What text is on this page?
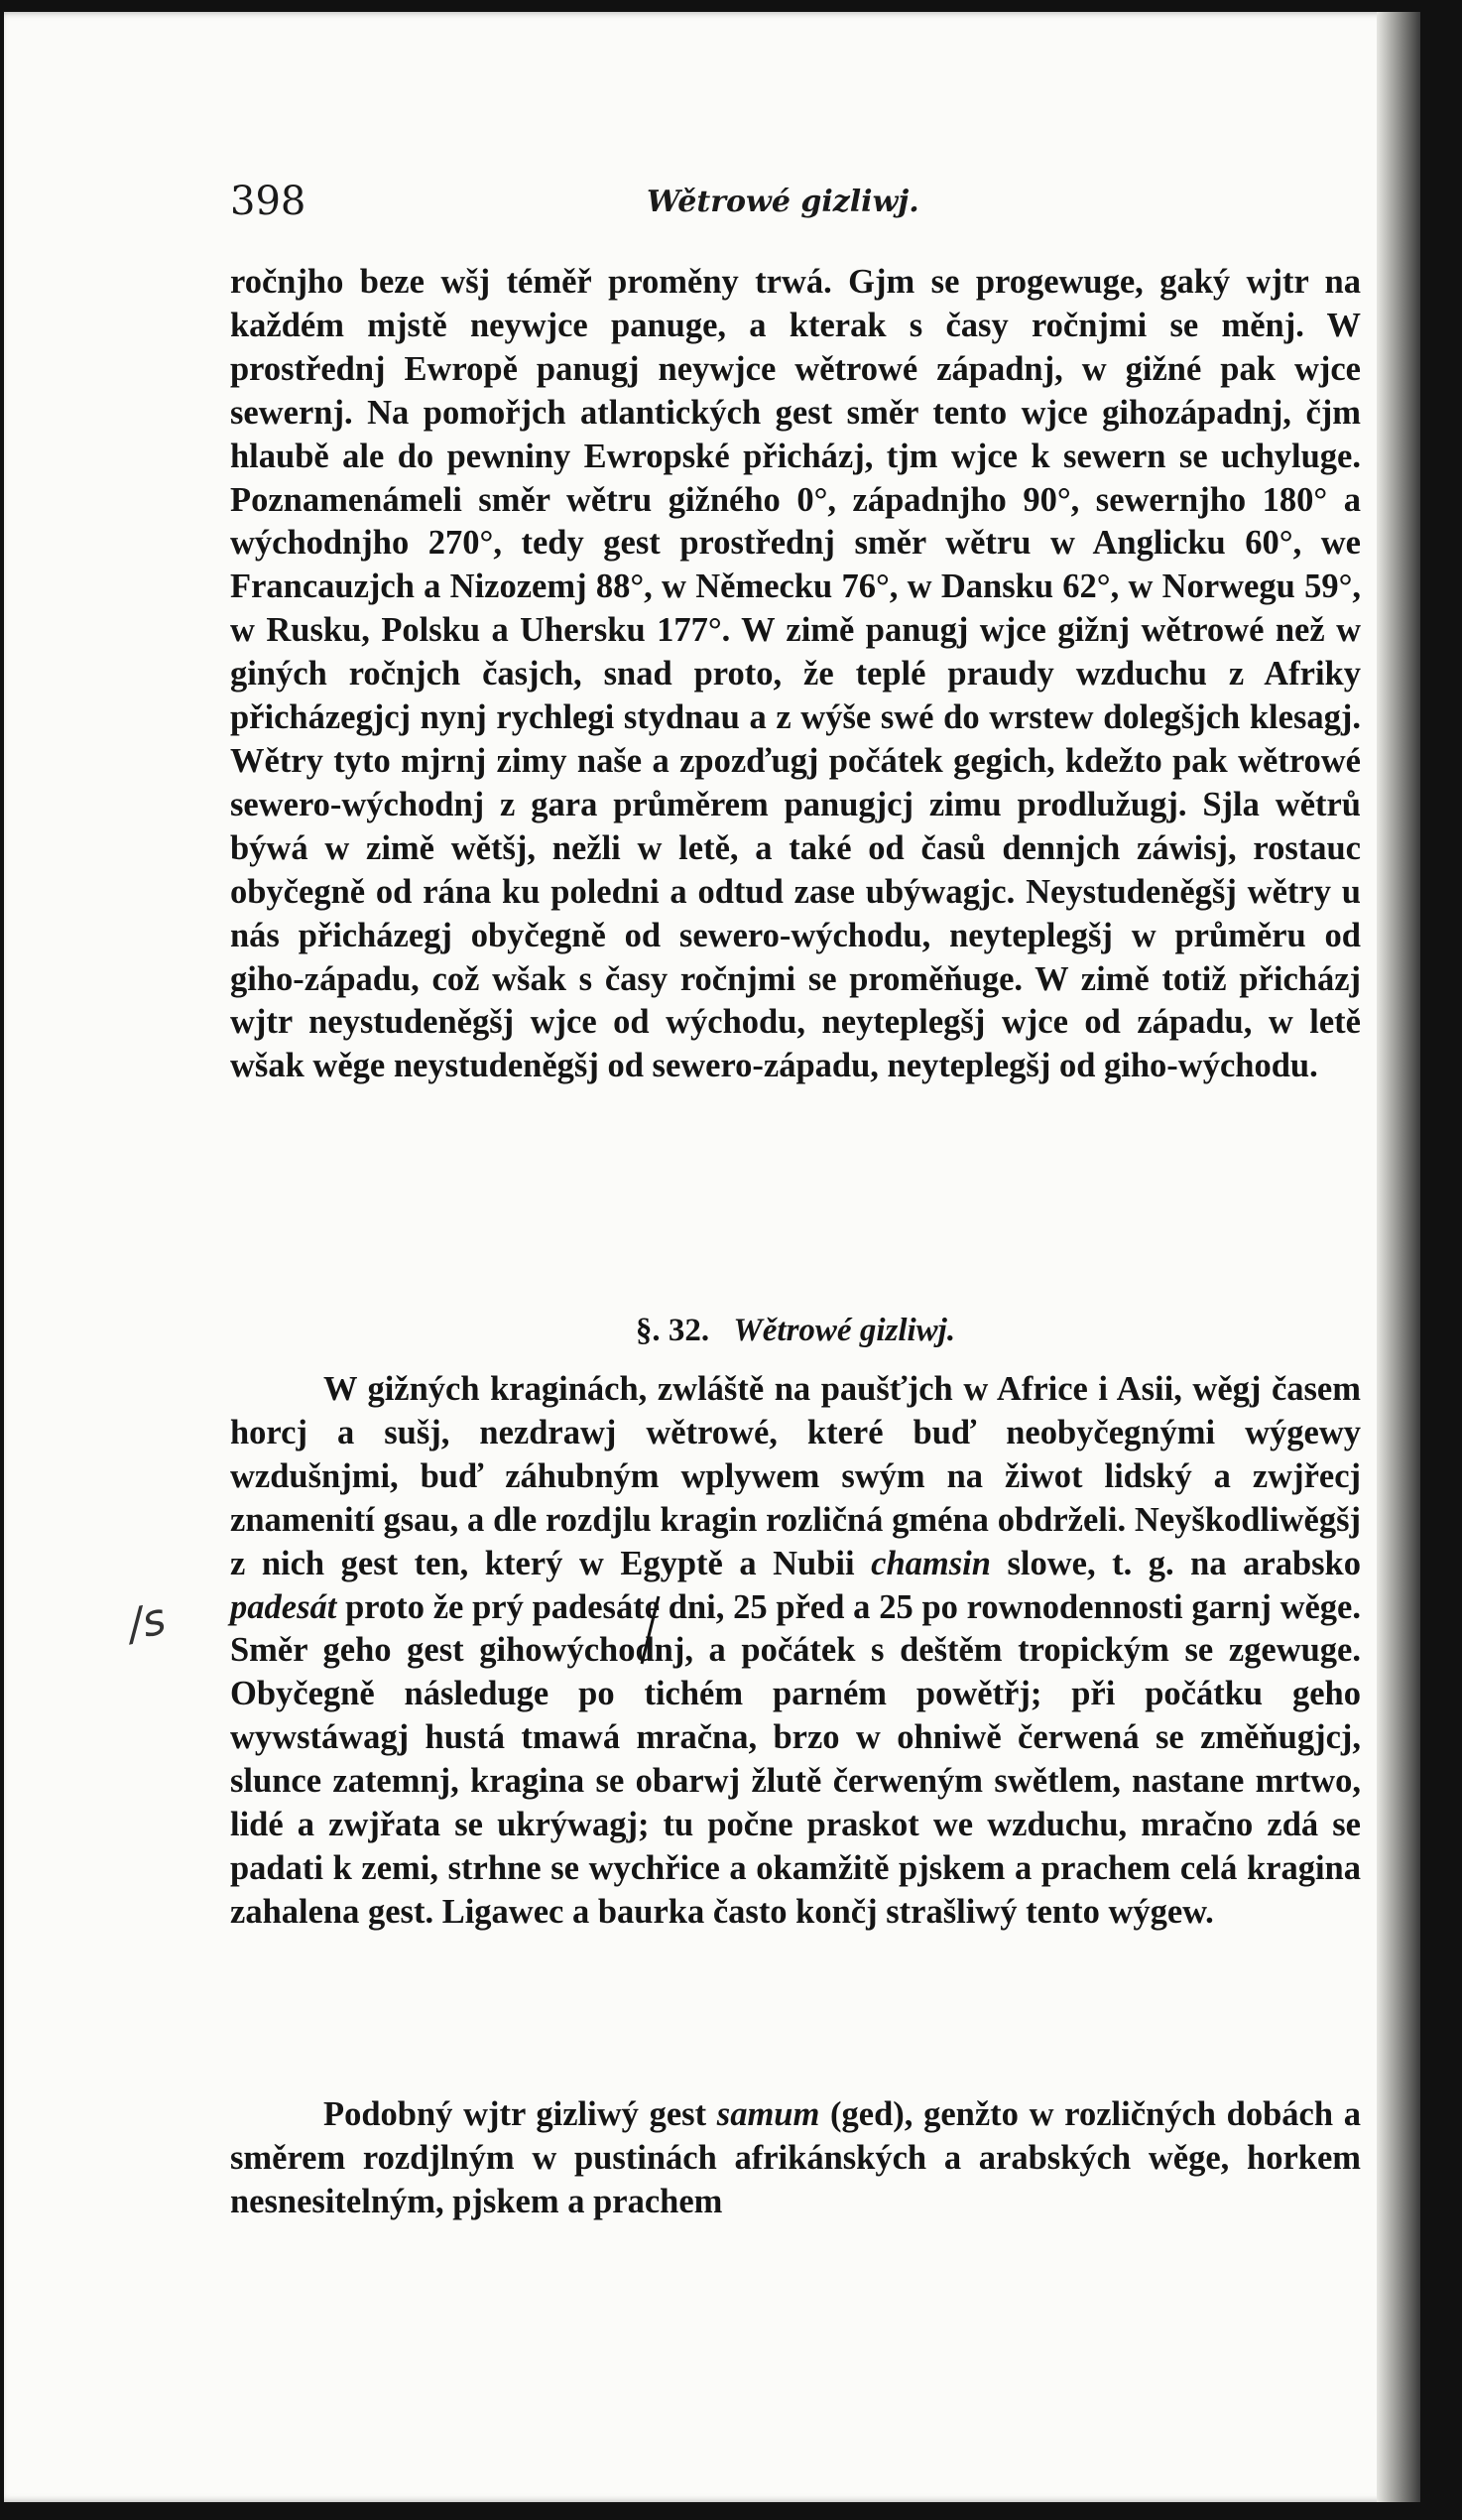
398	Wětrowé gizliwj.

ročnjho beze wšj téměř proměny trwá. Gjm se progewuge, gaký wjtr na každém mjstě neywjce panuge, a kterak s časy ročnjmi se měnj. W prostřednj Ewropě panugj neywjce wětrowé západnj, w gižné pak wjce sewernj. Na pomořjch atlantických gest směr tento wjce gihozápadnj, čjm hlaubě ale do pewniny Ewropské přicházj, tjm wjce k sewern se uchyluge. Poznamenámeli směr wětru gižného 0°, západnjho 90°, sewernjho 180° a wýchodnjho 270°, tedy gest prostřednj směr wětru w Anglicku 60°, we Francauzjch a Nizozemj 88°, w Německu 76°, w Dansku 62°, w Norwegu 59°, w Rusku, Polsku a Uhersku 177°. W zimě panugj wjce gižnj wětrowé než w giných ročnjch časjch, snad proto, že teplé praudy wzduchu z Afriky přicházegjcj nynj rychlegi stydnau a z wýše swé do wrstew dolegšjch klesagj. Wětry tyto mjrnj zimy naše a zpozďugj počátek gegich, kdežto pak wětrowé sewero-wýchodnj z gara průměrem panugjcj zimu prodlužugj. Sjla wětrů býwá w zimě wětšj, nežli w letě, a také od časů dennjch záwisj, rostauc obyčegně od rána ku poledni a odtud zase ubýwagjc. Neystudeněgšj wětry u nás přicházegj obyčegně od sewero-wýchodu, neyteplegšj w průměru od giho-západu, což wšak s časy ročnjmi se proměňuge. W zimě totiž přicházj wjtr neystudeněgšj wjce od wýchodu, neyteplegšj wjce od západu, w letě wšak wěge neystudeněgšj od sewero-západu, neyteplegšj od giho-wýchodu.

§. 32. Wětrowé gizliwj.

W gižných kraginách, zwláště na paušťjch w Africe i Asii, wěgj časem horcj a sušj, nezdrawj wětrowé, které buď neobyčegnými wýgewy wzdušnjmi, buď záhubným wplywem swým na žiwot lidský a zwjřecj znamenití gsau, a dle rozdjlu kragin rozličná gména obdrželi. Neyškodliwěgšj z nich gest ten, který w Egyptě a Nubii chamsin slowe, t. g. na arabsko padesát proto že prý padesáte dni, 25 před a 25 po rownodennosti garnj wěge. Směr geho gest gihowýchodnj, a počátek s deštěm tropickým se zgewuge. Obyčegně následuge po tichém parném powětřj; při počátku geho wywstáwagj hustá tmawá mračna, brzo w ohniwě čerwená se změňugjcj, slunce zatemnj, kragina se obarwj žlutě čerweným swětlem, nastane mrtwo, lidé a zwjřata se ukrýwagj; tu počne praskot we wzduchu, mračno zdá se padati k zemi, strhne se wychřice a okamžitě pjskem a prachem celá kragina zahalena gest. Ligawec a baurka často končj strašliwý tento wýgew.

Podobný wjtr gizliwý gest samum (ged), genžto w rozličných dobách a směrem rozdjlným w pustinách afrikánských a arabských wěge, horkem nesnesitelným, pjskem a prachem

/s
